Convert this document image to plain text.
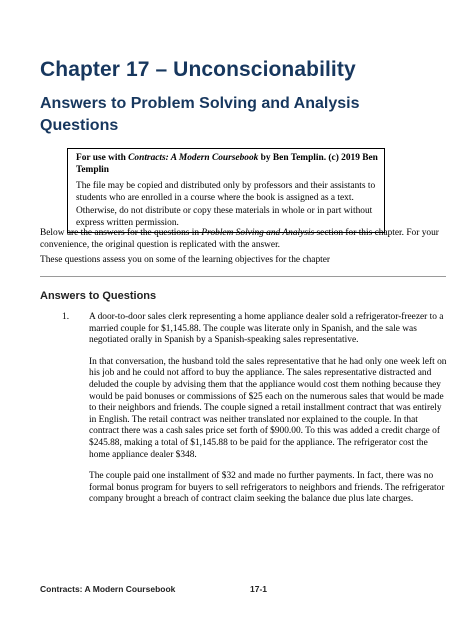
Chapter 17 – Unconscionability
Answers to Problem Solving and Analysis Questions
For use with Contracts: A Modern Coursebook by Ben Templin. (c) 2019 Ben Templin

The file may be copied and distributed only by professors and their assistants to students who are enrolled in a course where the book is assigned as a text. Otherwise, do not distribute or copy these materials in whole or in part without express written permission.

Below are the answers for the questions in Problem Solving and Analysis section for this chapter. For your convenience, the original question is replicated with the answer.

These questions assess you on some of the learning objectives for the chapter

Answers to Questions
1. A door-to-door sales clerk representing a home appliance dealer sold a refrigerator-freezer to a married couple for $1,145.88. The couple was literate only in Spanish, and the sale was negotiated orally in Spanish by a Spanish-speaking sales representative.

In that conversation, the husband told the sales representative that he had only one week left on his job and he could not afford to buy the appliance. The sales representative distracted and deluded the couple by advising them that the appliance would cost them nothing because they would be paid bonuses or commissions of $25 each on the numerous sales that would be made to their neighbors and friends. The couple signed a retail installment contract that was entirely in English. The retail contract was neither translated nor explained to the couple. In that contract there was a cash sales price set forth of $900.00. To this was added a credit charge of $245.88, making a total of $1,145.88 to be paid for the appliance. The refrigerator cost the home appliance dealer $348.

The couple paid one installment of $32 and made no further payments. In fact, there was no formal bonus program for buyers to sell refrigerators to neighbors and friends. The refrigerator company brought a breach of contract claim seeking the balance due plus late charges.

Contracts: A Modern Coursebook	17-1
